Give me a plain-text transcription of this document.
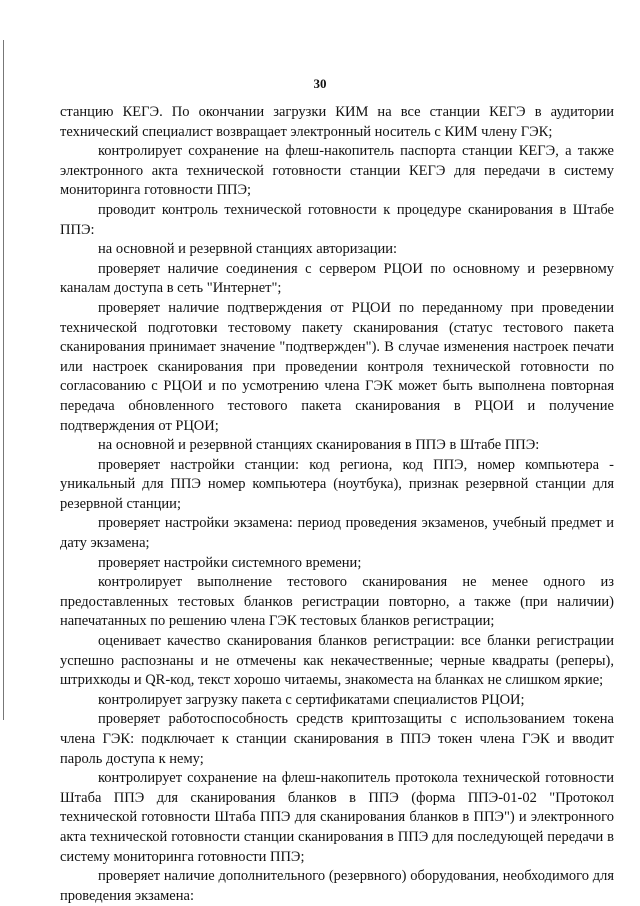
30

станцию КЕГЭ. По окончании загрузки КИМ на все станции КЕГЭ в аудитории технический специалист возвращает электронный носитель с КИМ члену ГЭК;

контролирует сохранение на флеш-накопитель паспорта станции КЕГЭ, а также электронного акта технической готовности станции КЕГЭ для передачи в систему мониторинга готовности ППЭ;

проводит контроль технической готовности к процедуре сканирования в Штабе ППЭ:

на основной и резервной станциях авторизации:

проверяет наличие соединения с сервером РЦОИ по основному и резервному каналам доступа в сеть "Интернет";

проверяет наличие подтверждения от РЦОИ по переданному при проведении технической подготовки тестовому пакету сканирования (статус тестового пакета сканирования принимает значение "подтвержден"). В случае изменения настроек печати или настроек сканирования при проведении контроля технической готовности по согласованию с РЦОИ и по усмотрению члена ГЭК может быть выполнена повторная передача обновленного тестового пакета сканирования в РЦОИ и получение подтверждения от РЦОИ;

на основной и резервной станциях сканирования в ППЭ в Штабе ППЭ:

проверяет настройки станции: код региона, код ППЭ, номер компьютера - уникальный для ППЭ номер компьютера (ноутбука), признак резервной станции для резервной станции;

проверяет настройки экзамена: период проведения экзаменов, учебный предмет и дату экзамена;

проверяет настройки системного времени;

контролирует выполнение тестового сканирования не менее одного из предоставленных тестовых бланков регистрации повторно, а также (при наличии) напечатанных по решению члена ГЭК тестовых бланков регистрации;

оценивает качество сканирования бланков регистрации: все бланки регистрации успешно распознаны и не отмечены как некачественные; черные квадраты (реперы), штрихкоды и QR-код, текст хорошо читаемы, знакоместа на бланках не слишком яркие;

контролирует загрузку пакета с сертификатами специалистов РЦОИ;

проверяет работоспособность средств криптозащиты с использованием токена члена ГЭК: подключает к станции сканирования в ППЭ токен члена ГЭК и вводит пароль доступа к нему;

контролирует сохранение на флеш-накопитель протокола технической готовности Штаба ППЭ для сканирования бланков в ППЭ (форма ППЭ-01-02 "Протокол технической готовности Штаба ППЭ для сканирования бланков в ППЭ") и электронного акта технической готовности станции сканирования в ППЭ для последующей передачи в систему мониторинга готовности ППЭ;

проверяет наличие дополнительного (резервного) оборудования, необходимого для проведения экзамена:
